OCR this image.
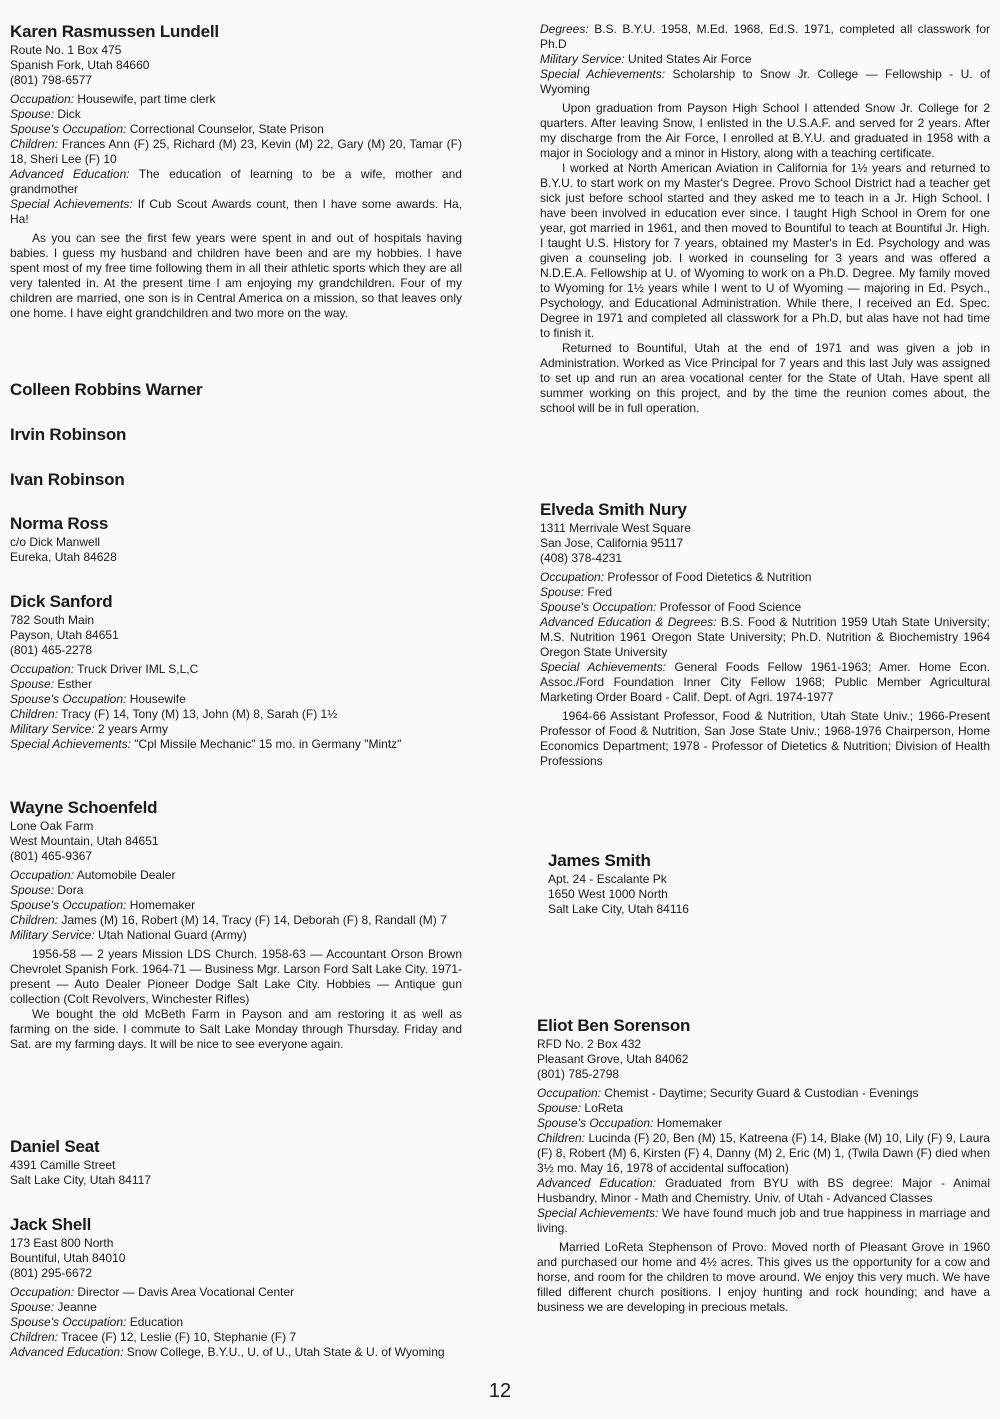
Karen Rasmussen Lundell
Route No. 1 Box 475
Spanish Fork, Utah 84660
(801) 798-6577

Occupation: Housewife, part time clerk

Spouse: Dick

Spouse's Occupation: Correctional Counselor, State Prison

Children: Frances Ann (F) 25, Richard (M) 23, Kevin (M) 22, Gary (M) 20, Tamar (F) 18, Sheri Lee (F) 10

Advanced Education: The education of learning to be a wife, mother and grandmother

Special Achievements: If Cub Scout Awards count, then I have some awards. Ha, Ha!

As you can see the first few years were spent in and out of hospitals having babies. I guess my husband and children have been and are my hobbies. I have spent most of my free time following them in all their athletic sports which they are all very talented in. At the present time I am enjoying my grandchildren. Four of my children are married, one son is in Central America on a mission, so that leaves only one home. I have eight grandchildren and two more on the way.

Colleen Robbins Warner
Irvin Robinson
Ivan Robinson
Norma Ross
c/o Dick Manwell
Eureka, Utah 84628
Dick Sanford
782 South Main
Payson, Utah 84651
(801) 465-2278

Occupation: Truck Driver IML S,L,C

Spouse: Esther

Spouse's Occupation: Housewife

Children: Tracy (F) 14, Tony (M) 13, John (M) 8, Sarah (F) 1½

Military Service: 2 years Army

Special Achievements: "Cpl Missile Mechanic" 15 mo. in Germany "Mintz"

Wayne Schoenfeld
Lone Oak Farm
West Mountain, Utah 84651
(801) 465-9367

Occupation: Automobile Dealer

Spouse: Dora

Spouse's Occupation: Homemaker

Children: James (M) 16, Robert (M) 14, Tracy (F) 14, Deborah (F) 8, Randall (M) 7

Military Service: Utah National Guard (Army)

1956-58 — 2 years Mission LDS Church. 1958-63 — Accountant Orson Brown Chevrolet Spanish Fork. 1964-71 — Business Mgr. Larson Ford Salt Lake City. 1971-present — Auto Dealer Pioneer Dodge Salt Lake City. Hobbies — Antique gun collection (Colt Revolvers, Winchester Rifles)

We bought the old McBeth Farm in Payson and am restoring it as well as farming on the side. I commute to Salt Lake Monday through Thursday. Friday and Sat. are my farming days. It will be nice to see everyone again.

Daniel Seat
4391 Camille Street
Salt Lake City, Utah 84117
Jack Shell
173 East 800 North
Bountiful, Utah 84010
(801) 295-6672

Occupation: Director — Davis Area Vocational Center

Spouse: Jeanne

Spouse's Occupation: Education

Children: Tracee (F) 12, Leslie (F) 10, Stephanie (F) 7

Advanced Education: Snow College, B.Y.U., U. of U., Utah State & U. of Wyoming

Degrees: B.S. B.Y.U. 1958, M.Ed. 1968, Ed.S. 1971, completed all classwork for Ph.D

Military Service: United States Air Force

Special Achievements: Scholarship to Snow Jr. College — Fellowship - U. of Wyoming

Upon graduation from Payson High School I attended Snow Jr. College for 2 quarters. After leaving Snow, I enlisted in the U.S.A.F. and served for 2 years. After my discharge from the Air Force, I enrolled at B.Y.U. and graduated in 1958 with a major in Sociology and a minor in History, along with a teaching certificate.

I worked at North American Aviation in California for 1½ years and returned to B.Y.U. to start work on my Master's Degree. Provo School District had a teacher get sick just before school started and they asked me to teach in a Jr. High School. I have been involved in education ever since. I taught High School in Orem for one year, got married in 1961, and then moved to Bountiful to teach at Bountiful Jr. High. I taught U.S. History for 7 years, obtained my Master's in Ed. Psychology and was given a counseling job. I worked in counseling for 3 years and was offered a N.D.E.A. Fellowship at U. of Wyoming to work on a Ph.D. Degree. My family moved to Wyoming for 1½ years while I went to U of Wyoming — majoring in Ed. Psych., Psychology, and Educational Administration. While there, I received an Ed. Spec. Degree in 1971 and completed all classwork for a Ph.D, but alas have not had time to finish it.

Returned to Bountiful, Utah at the end of 1971 and was given a job in Administration. Worked as Vice Principal for 7 years and this last July was assigned to set up and run an area vocational center for the State of Utah. Have spent all summer working on this project, and by the time the reunion comes about, the school will be in full operation.

Elveda Smith Nury
1311 Merrivale West Square
San Jose, California 95117
(408) 378-4231

Occupation: Professor of Food Dietetics & Nutrition

Spouse: Fred

Spouse's Occupation: Professor of Food Science

Advanced Education & Degrees: B.S. Food & Nutrition 1959 Utah State University; M.S. Nutrition 1961 Oregon State University; Ph.D. Nutrition & Biochemistry 1964 Oregon State University

Special Achievements: General Foods Fellow 1961-1963; Amer. Home Econ. Assoc./Ford Foundation Inner City Fellow 1968; Public Member Agricultural Marketing Order Board - Calif. Dept. of Agri. 1974-1977

1964-66 Assistant Professor, Food & Nutrition, Utah State Univ.; 1966-Present Professor of Food & Nutrition, San Jose State Univ.; 1968-1976 Chairperson, Home Economics Department; 1978 - Professor of Dietetics & Nutrition; Division of Health Professions

James Smith
Apt. 24 - Escalante Pk
1650 West 1000 North
Salt Lake City, Utah 84116
Eliot Ben Sorenson
RFD No. 2 Box 432
Pleasant Grove, Utah 84062
(801) 785-2798

Occupation: Chemist - Daytime; Security Guard & Custodian - Evenings

Spouse: LoReta

Spouse's Occupation: Homemaker

Children: Lucinda (F) 20, Ben (M) 15, Katreena (F) 14, Blake (M) 10, Lily (F) 9, Laura (F) 8, Robert (M) 6, Kirsten (F) 4, Danny (M) 2, Eric (M) 1, (Twila Dawn (F) died when 3½ mo. May 16, 1978 of accidental suffocation)

Advanced Education: Graduated from BYU with BS degree: Major - Animal Husbandry, Minor - Math and Chemistry. Univ. of Utah - Advanced Classes

Special Achievements: We have found much job and true happiness in marriage and living.

Married LoReta Stephenson of Provo. Moved north of Pleasant Grove in 1960 and purchased our home and 4½ acres. This gives us the opportunity for a cow and horse, and room for the children to move around. We enjoy this very much. We have filled different church positions. I enjoy hunting and rock hounding; and have a business we are developing in precious metals.

12
